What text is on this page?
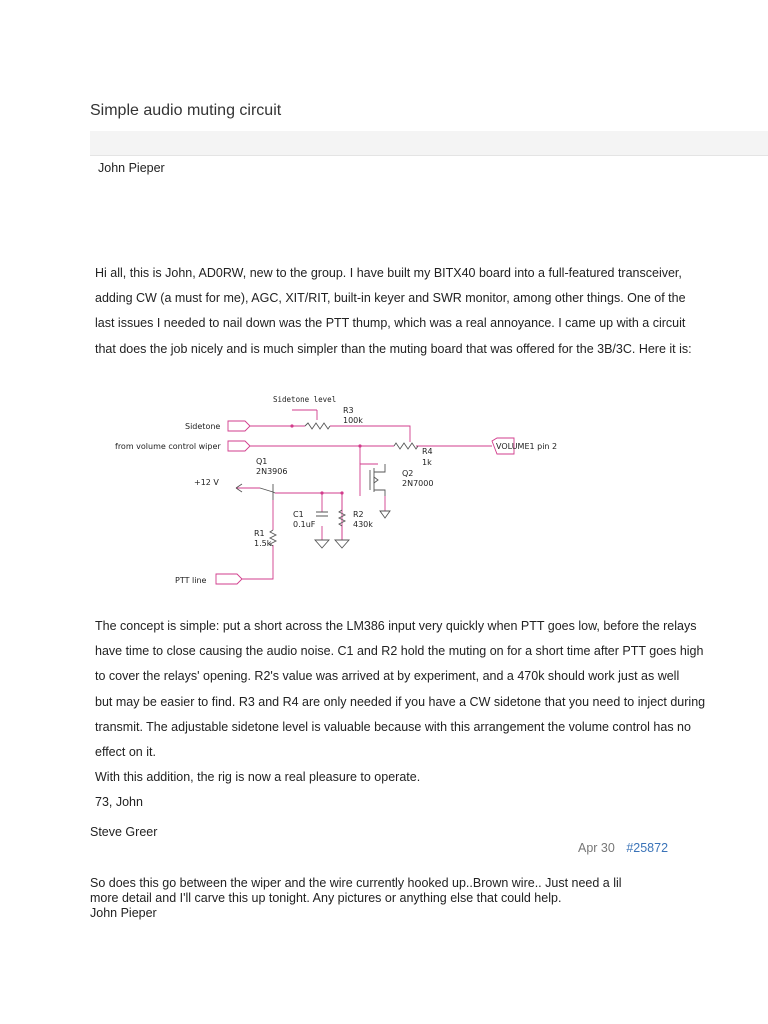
Simple audio muting circuit
John Pieper
Hi all, this is John, AD0RW, new to the group. I have built my BITX40 board into a full-featured transceiver,
adding CW (a must for me), AGC, XIT/RIT, built-in keyer and SWR monitor, among other things. One of the
last issues I needed to nail down was the PTT thump, which was a real annoyance. I came up with a circuit
that does the job nicely and is much simpler than the muting board that was offered for the 3B/3C. Here it is:
Sidetone level
R3
100k
Sidetone
from volume control wiper	VOLUME1 pin 2
R4
1k
Q1
2N3906	Q2
2N7000
+12 V
C1
0.1uF
R2
430k
R1
1.5k
PTT line
The concept is simple: put a short across the LM386 input very quickly when PTT goes low, before the relays
have time to close causing the audio noise. C1 and R2 hold the muting on for a short time after PTT goes high
to cover the relays' opening. R2's value was arrived at by experiment, and a 470k should work just as well
but may be easier to find. R3 and R4 are only needed if you have a CW sidetone that you need to inject during
transmit. The adjustable sidetone level is valuable because with this arrangement the volume control has no
effect on it.
With this addition, the rig is now a real pleasure to operate.
73, John
Steve Greer
Apr 30 #25872
So does this go between the wiper and the wire currently hooked up..Brown wire.. Just need a lil
more detail and I'll carve this up tonight. Any pictures or anything else that could help.
John Pieper
